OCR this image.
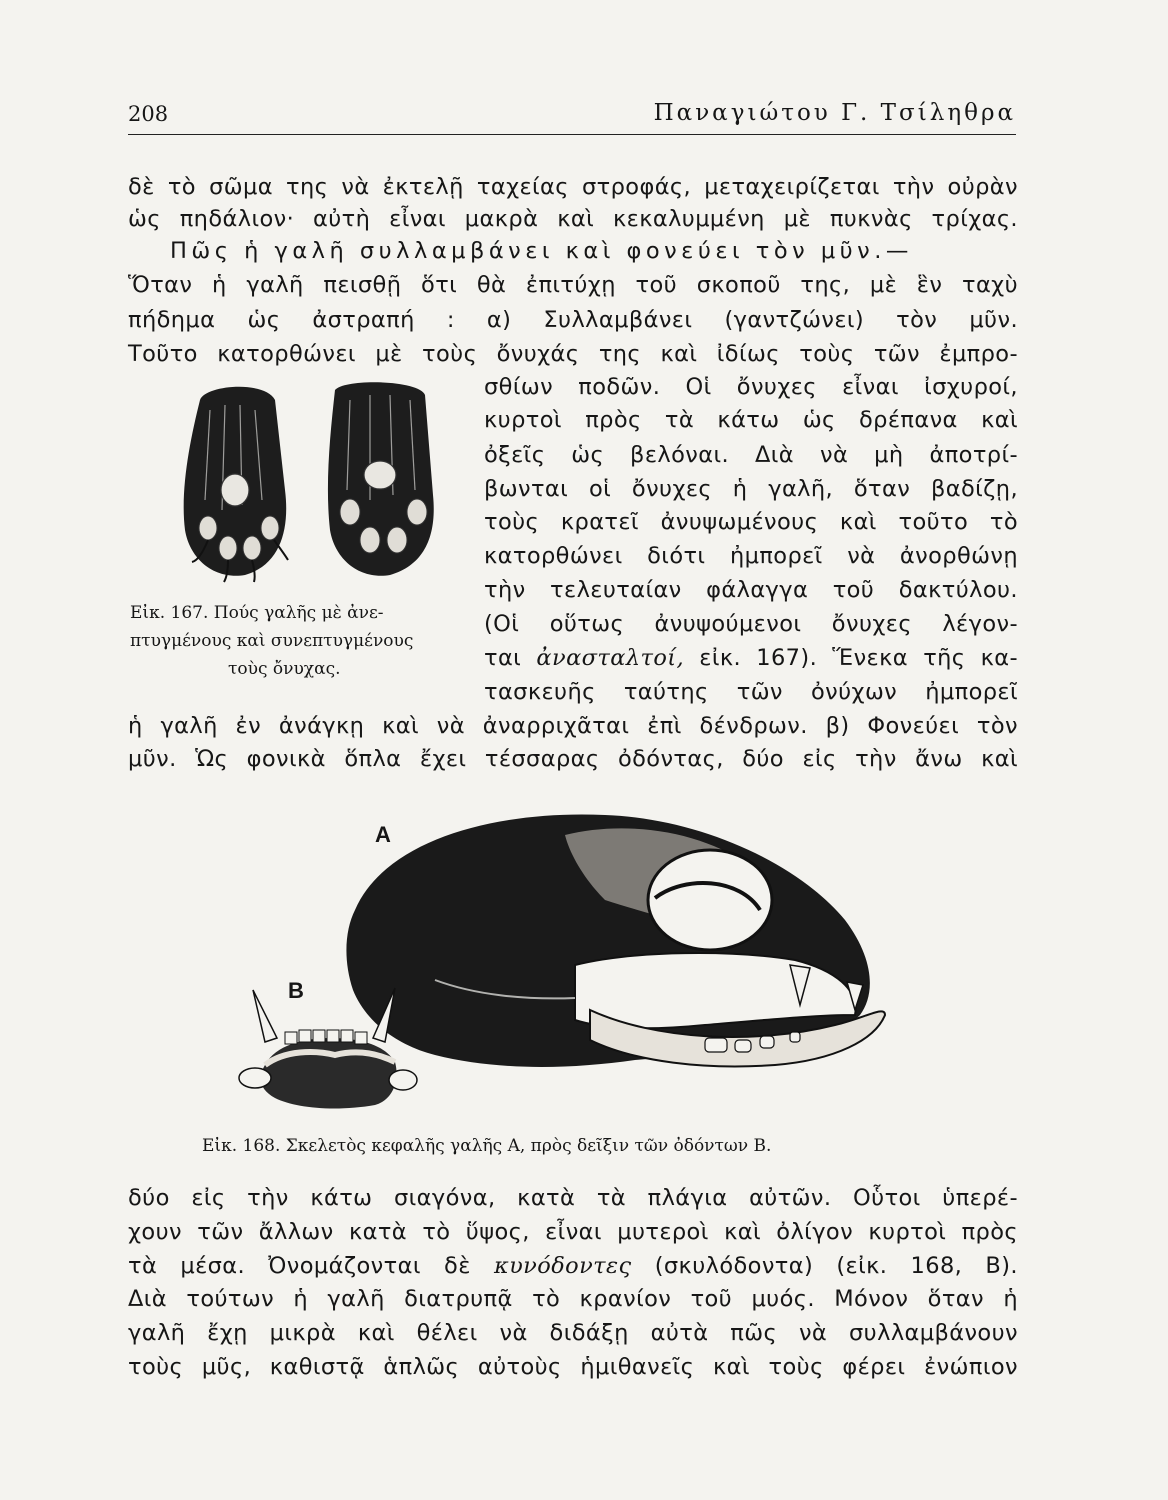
208	Παναγιώτου Γ. Τσίληθρα
δὲ τὸ σῶμα της νὰ ἐκτελῇ ταχείας στροφάς, μεταχειρίζεται τὴν οὐρὰν
ὡς πηδάλιον· αὐτὴ εἶναι μακρὰ καὶ κεκαλυμμένη μὲ πυκνὰς τρίχας.
Πῶς ἡ γαλῆ συλλαμβάνει καὶ φονεύει τὸν μῦν.—
Ὅταν ἡ γαλῆ πεισθῇ ὅτι θὰ ἐπιτύχῃ τοῦ σκοποῦ της, μὲ ἓν ταχὺ
πήδημα ὡς ἀστραπή : α) Συλλαμβάνει (γαντζώνει) τὸν μῦν.
Τοῦτο κατορθώνει μὲ τοὺς ὄνυχάς της καὶ ἰδίως τοὺς τῶν ἐμπρο-
σθίων ποδῶν. Οἱ ὄνυχες εἶναι ἰσχυροί,
κυρτοὶ πρὸς τὰ κάτω ὡς δρέπανα καὶ
ὀξεῖς ὡς βελόναι. Διὰ νὰ μὴ ἀποτρί-
βωνται οἱ ὄνυχες ἡ γαλῆ, ὅταν βαδίζῃ,
τοὺς κρατεῖ ἀνυψωμένους καὶ τοῦτο τὸ
κατορθώνει διότι ἠμπορεῖ νὰ ἀνορθώνῃ
τὴν τελευταίαν φάλαγγα τοῦ δακτύλου.
(Οἱ οὕτως ἀνυψούμενοι ὄνυχες λέγον-
ται ἀνασταλτοί, εἰκ. 167). Ἕνεκα τῆς κα-
τασκευῆς ταύτης τῶν ὀνύχων ἠμπορεῖ
ἡ γαλῆ ἐν ἀνάγκῃ καὶ νὰ ἀναρριχᾶται ἐπὶ δένδρων. β) Φονεύει τὸν
μῦν. Ὡς φονικὰ ὅπλα ἔχει τέσσαρας ὀδόντας, δύο εἰς τὴν ἄνω καὶ
Εἰκ. 167. Πούς γαλῆς μὲ ἀνε-
πτυγμένους καὶ συνεπτυγμένους
τοὺς ὄνυχας.
A
B
Εἰκ. 168. Σκελετὸς κεφαλῆς γαλῆς Α, πρὸς δεῖξιν τῶν ὀδόντων Β.
δύο εἰς τὴν κάτω σιαγόνα, κατὰ τὰ πλάγια αὐτῶν. Οὗτοι ὑπερέ-
χουν τῶν ἄλλων κατὰ τὸ ὕψος, εἶναι μυτεροὶ καὶ ὀλίγον κυρτοὶ πρὸς
τὰ μέσα. Ὀνομάζονται δὲ κυνόδοντες (σκυλόδοντα) (εἰκ. 168, Β).
Διὰ τούτων ἡ γαλῆ διατρυπᾷ τὸ κρανίον τοῦ μυός. Μόνον ὅταν ἡ
γαλῆ ἔχῃ μικρὰ καὶ θέλει νὰ διδάξῃ αὐτὰ πῶς νὰ συλλαμβάνουν
τοὺς μῦς, καθιστᾷ ἁπλῶς αὐτοὺς ἡμιθανεῖς καὶ τοὺς φέρει ἐνώπιον
